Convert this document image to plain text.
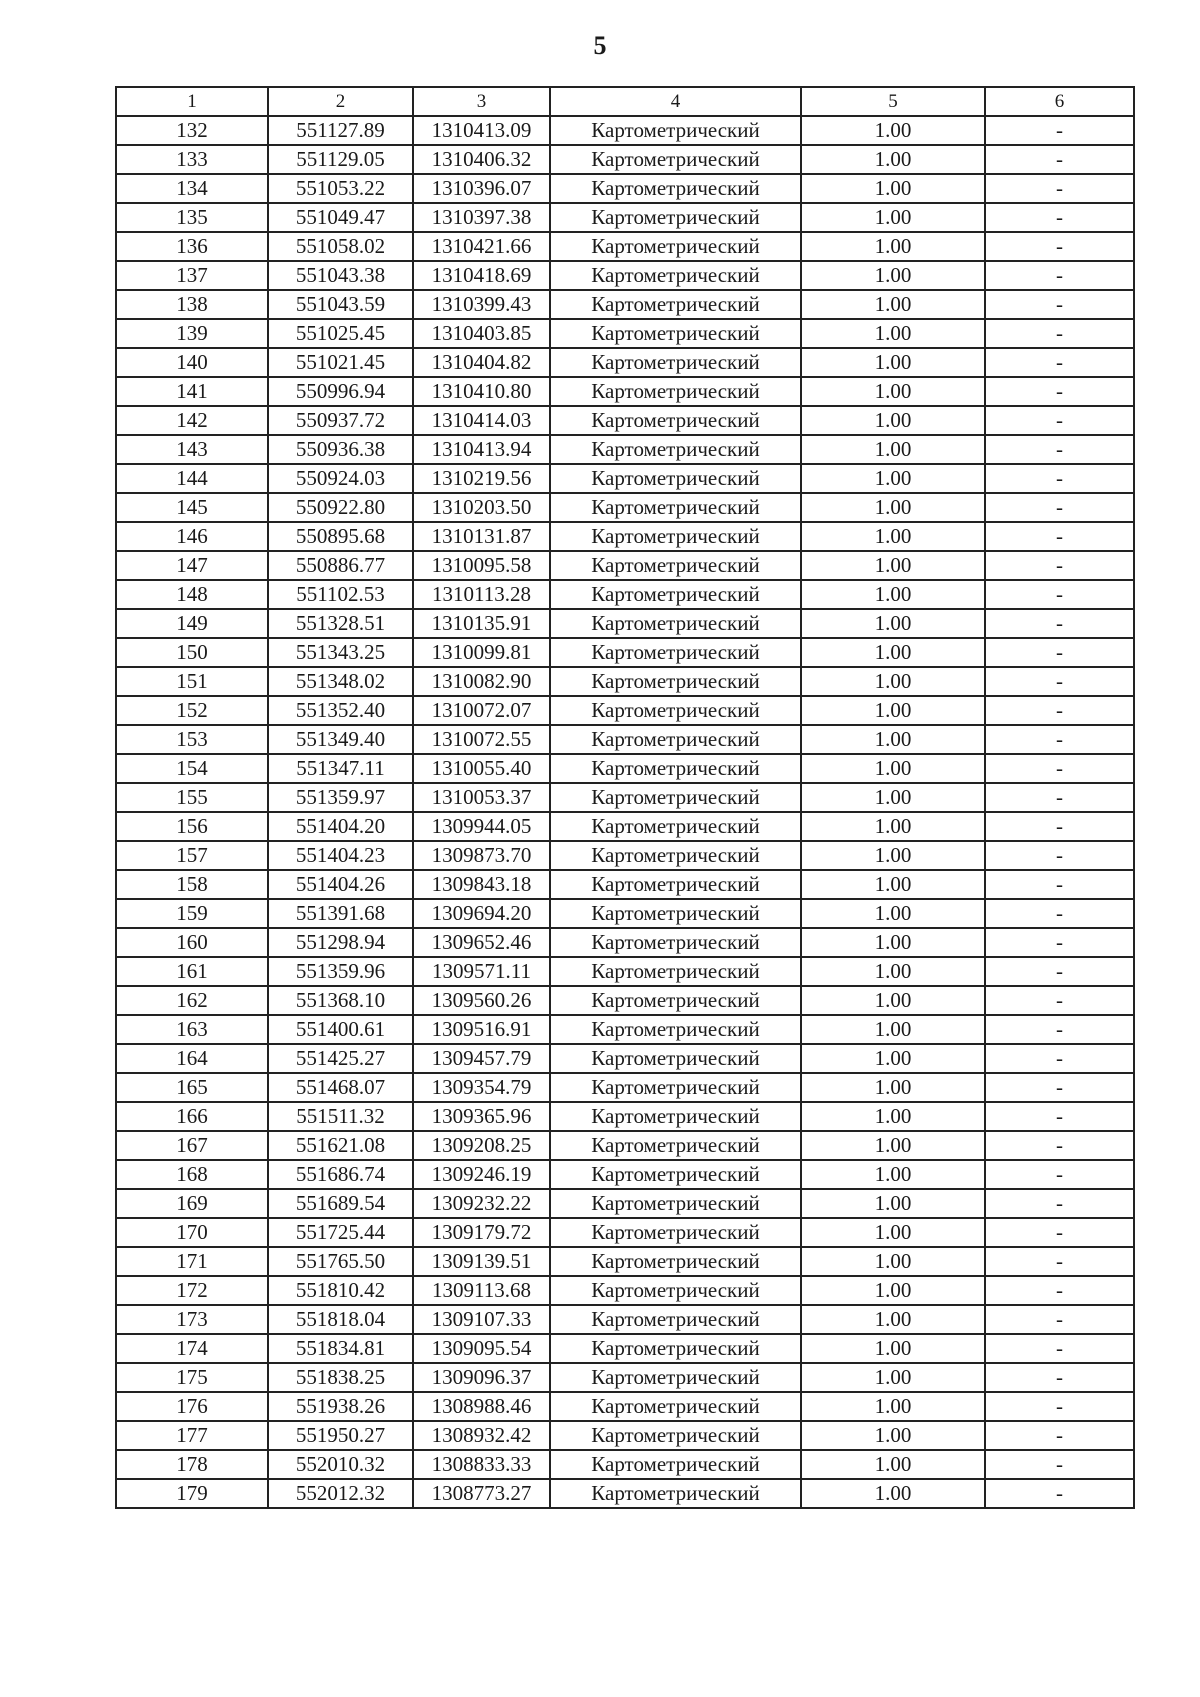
5
1	2	3	4	5	6
132	551127.89	1310413.09	Картометрический	1.00	-
133	551129.05	1310406.32	Картометрический	1.00	-
134	551053.22	1310396.07	Картометрический	1.00	-
135	551049.47	1310397.38	Картометрический	1.00	-
136	551058.02	1310421.66	Картометрический	1.00	-
137	551043.38	1310418.69	Картометрический	1.00	-
138	551043.59	1310399.43	Картометрический	1.00	-
139	551025.45	1310403.85	Картометрический	1.00	-
140	551021.45	1310404.82	Картометрический	1.00	-
141	550996.94	1310410.80	Картометрический	1.00	-
142	550937.72	1310414.03	Картометрический	1.00	-
143	550936.38	1310413.94	Картометрический	1.00	-
144	550924.03	1310219.56	Картометрический	1.00	-
145	550922.80	1310203.50	Картометрический	1.00	-
146	550895.68	1310131.87	Картометрический	1.00	-
147	550886.77	1310095.58	Картометрический	1.00	-
148	551102.53	1310113.28	Картометрический	1.00	-
149	551328.51	1310135.91	Картометрический	1.00	-
150	551343.25	1310099.81	Картометрический	1.00	-
151	551348.02	1310082.90	Картометрический	1.00	-
152	551352.40	1310072.07	Картометрический	1.00	-
153	551349.40	1310072.55	Картометрический	1.00	-
154	551347.11	1310055.40	Картометрический	1.00	-
155	551359.97	1310053.37	Картометрический	1.00	-
156	551404.20	1309944.05	Картометрический	1.00	-
157	551404.23	1309873.70	Картометрический	1.00	-
158	551404.26	1309843.18	Картометрический	1.00	-
159	551391.68	1309694.20	Картометрический	1.00	-
160	551298.94	1309652.46	Картометрический	1.00	-
161	551359.96	1309571.11	Картометрический	1.00	-
162	551368.10	1309560.26	Картометрический	1.00	-
163	551400.61	1309516.91	Картометрический	1.00	-
164	551425.27	1309457.79	Картометрический	1.00	-
165	551468.07	1309354.79	Картометрический	1.00	-
166	551511.32	1309365.96	Картометрический	1.00	-
167	551621.08	1309208.25	Картометрический	1.00	-
168	551686.74	1309246.19	Картометрический	1.00	-
169	551689.54	1309232.22	Картометрический	1.00	-
170	551725.44	1309179.72	Картометрический	1.00	-
171	551765.50	1309139.51	Картометрический	1.00	-
172	551810.42	1309113.68	Картометрический	1.00	-
173	551818.04	1309107.33	Картометрический	1.00	-
174	551834.81	1309095.54	Картометрический	1.00	-
175	551838.25	1309096.37	Картометрический	1.00	-
176	551938.26	1308988.46	Картометрический	1.00	-
177	551950.27	1308932.42	Картометрический	1.00	-
178	552010.32	1308833.33	Картометрический	1.00	-
179	552012.32	1308773.27	Картометрический	1.00	-
